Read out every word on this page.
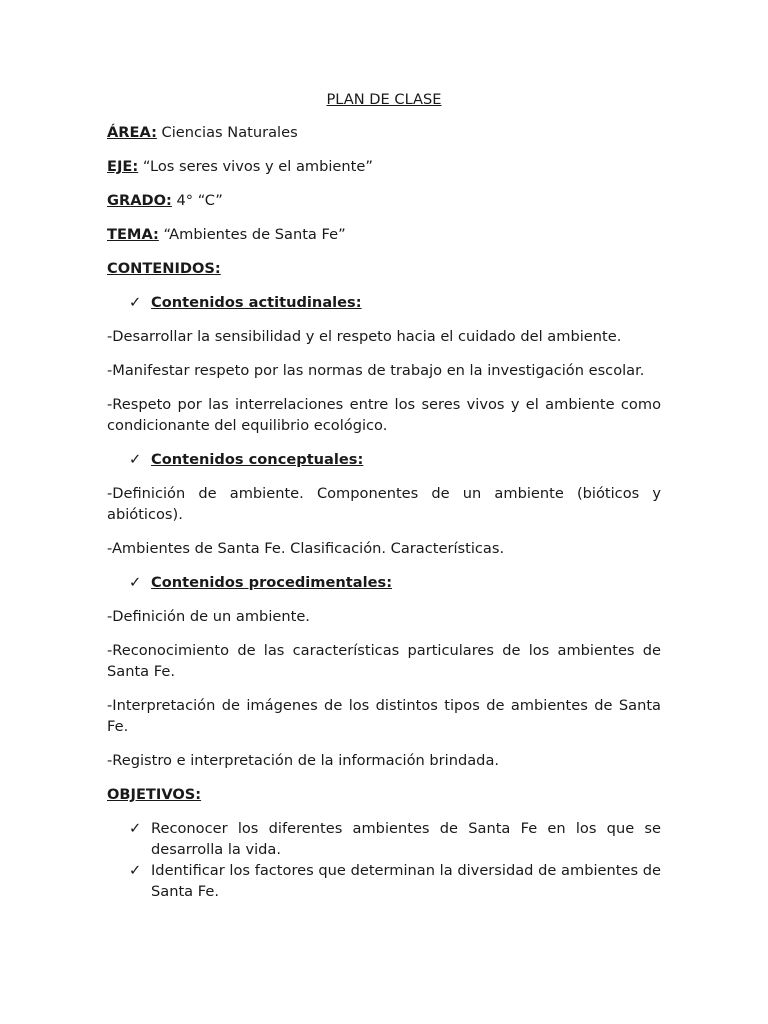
PLAN DE CLASE

ÁREA: Ciencias Naturales

EJE: “Los seres vivos y el ambiente”

GRADO: 4° “C”

TEMA: “Ambientes de Santa Fe”

CONTENIDOS:

✓ Contenidos actitudinales:

-Desarrollar la sensibilidad y el respeto hacia el cuidado del ambiente.

-Manifestar respeto por las normas de trabajo en la investigación escolar.

-Respeto por las interrelaciones entre los seres vivos y el ambiente como condicionante del equilibrio ecológico.

✓ Contenidos conceptuales:

-Definición de ambiente. Componentes de un ambiente (bióticos y abióticos).

-Ambientes de Santa Fe. Clasificación. Características.

✓ Contenidos procedimentales:

-Definición de un ambiente.

-Reconocimiento de las características particulares de los ambientes de Santa Fe.

-Interpretación de imágenes de los distintos tipos de ambientes de Santa Fe.

-Registro e interpretación de la información brindada.

OBJETIVOS:

✓ Reconocer los diferentes ambientes de Santa Fe en los que se desarrolla la vida.
✓ Identificar los factores que determinan la diversidad de ambientes de Santa Fe.
